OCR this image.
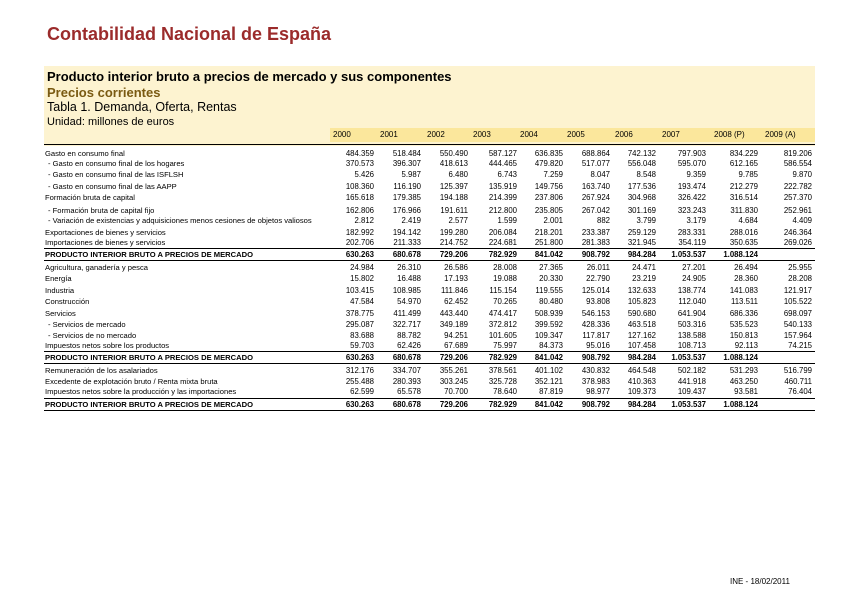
Contabilidad Nacional de España
Producto interior bruto a precios de mercado y sus componentes
Precios corrientes
Tabla 1. Demanda, Oferta, Rentas
Unidad: millones de euros
INE - 18/02/2011
2000	2001	2002	2003	2004	2005	2006	2007	2008 (P)	2009 (A)
Gasto en consumo final	484.359	518.484	550.490	587.127	636.835	688.864	742.132	797.903	834.229	819.206
- Gasto en consumo final de los hogares	370.573	396.307	418.613	444.465	479.820	517.077	556.048	595.070	612.165	586.554
- Gasto en consumo final de las ISFLSH	5.426	5.987	6.480	6.743	7.259	8.047	8.548	9.359	9.785	9.870
- Gasto en consumo final de las AAPP	108.360	116.190	125.397	135.919	149.756	163.740	177.536	193.474	212.279	222.782
Formación bruta de capital	165.618	179.385	194.188	214.399	237.806	267.924	304.968	326.422	316.514	257.370
- Formación bruta de capital fijo	162.806	176.966	191.611	212.800	235.805	267.042	301.169	323.243	311.830	252.961
- Variación de existencias y adquisiciones menos cesiones de objetos valiosos	2.812	2.419	2.577	1.599	2.001	882	3.799	3.179	4.684	4.409
Exportaciones de bienes y servicios	182.992	194.142	199.280	206.084	218.201	233.387	259.129	283.331	288.016	246.364
Importaciones de bienes y servicios	202.706	211.333	214.752	224.681	251.800	281.383	321.945	354.119	350.635	269.026
PRODUCTO INTERIOR BRUTO A PRECIOS DE MERCADO	630.263	680.678	729.206	782.929	841.042	908.792	984.284	1.053.537	1.088.124
Agricultura, ganadería y pesca	24.984	26.310	26.586	28.008	27.365	26.011	24.471	27.201	26.494	25.955
Energía	15.802	16.488	17.193	19.088	20.330	22.790	23.219	24.905	28.360	28.208
Industria	103.415	108.985	111.846	115.154	119.555	125.014	132.633	138.774	141.083	121.917
Construcción	47.584	54.970	62.452	70.265	80.480	93.808	105.823	112.040	113.511	105.522
Servicios	378.775	411.499	443.440	474.417	508.939	546.153	590.680	641.904	686.336	698.097
- Servicios de mercado	295.087	322.717	349.189	372.812	399.592	428.336	463.518	503.316	535.523	540.133
- Servicios de no mercado	83.688	88.782	94.251	101.605	109.347	117.817	127.162	138.588	150.813	157.964
Impuestos netos sobre los productos	59.703	62.426	67.689	75.997	84.373	95.016	107.458	108.713	92.113	74.215
PRODUCTO INTERIOR BRUTO A PRECIOS DE MERCADO	630.263	680.678	729.206	782.929	841.042	908.792	984.284	1.053.537	1.088.124
Remuneración de los asalariados	312.176	334.707	355.261	378.561	401.102	430.832	464.548	502.182	531.293	516.799
Excedente de explotación bruto / Renta mixta bruta	255.488	280.393	303.245	325.728	352.121	378.983	410.363	441.918	463.250	460.711
Impuestos netos sobre la producción y las importaciones	62.599	65.578	70.700	78.640	87.819	98.977	109.373	109.437	93.581	76.404
PRODUCTO INTERIOR BRUTO A PRECIOS DE MERCADO	630.263	680.678	729.206	782.929	841.042	908.792	984.284	1.053.537	1.088.124
